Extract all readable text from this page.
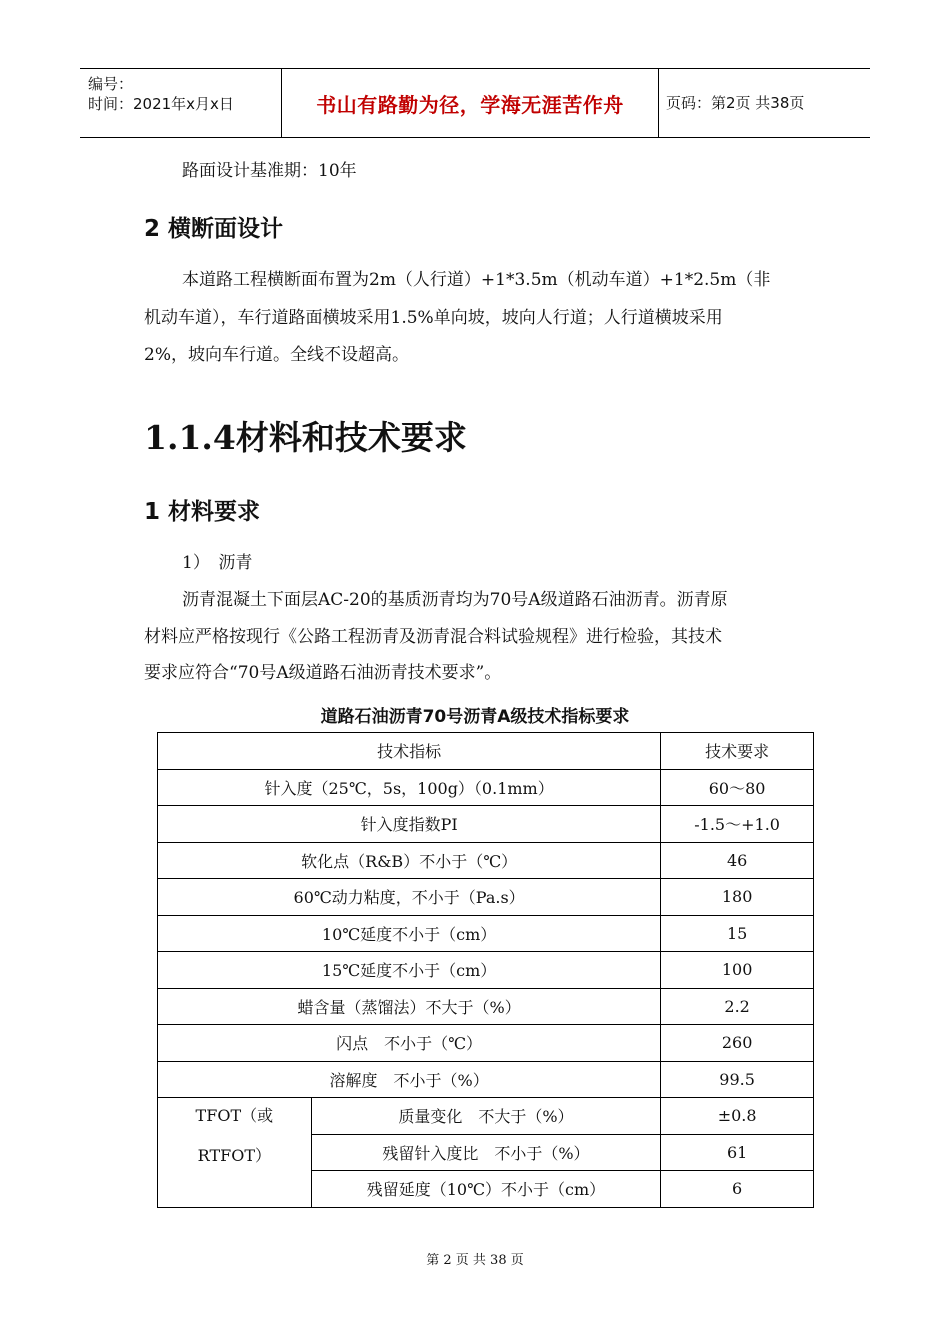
编号：
时间：2021年x月x日	书山有路勤为径，学海无涯苦作舟	页码：第2页 共38页
路面设计基准期：10年
2 横断面设计
本道路工程横断面布置为2m（人行道）+1*3.5m（机动车道）+1*2.5m（非
机动车道），车行道路面横坡采用1.5%单向坡，坡向人行道；人行道横坡采用
2%，坡向车行道。全线不设超高。
1.1.4材料和技术要求
1 材料要求
1）　沥青
沥青混凝土下面层AC-20的基质沥青均为70号A级道路石油沥青。沥青原
材料应严格按现行《公路工程沥青及沥青混合料试验规程》进行检验，其技术
要求应符合“70号A级道路石油沥青技术要求”。
道路石油沥青70号沥青A级技术指标要求
技术指标		技术要求
针入度（25℃，5s，100g）（0.1mm）		60～80
针入度指数PI		-1.5～+1.0
软化点（R&B）不小于（℃）		46
60℃动力粘度，不小于（Pa.s）		180
10℃延度不小于（cm）		15
15℃延度不小于（cm）		100
蜡含量（蒸馏法）不大于（%）		2.2
闪点　不小于（℃）		260
溶解度　不小于（%）		99.5

TFOT（或
RTFOT）	质量变化　不大于（%）	±0.8
	残留针入度比　不小于（%）	61
	残留延度（10℃）不小于（cm）	6
第 2 页 共 38 页
